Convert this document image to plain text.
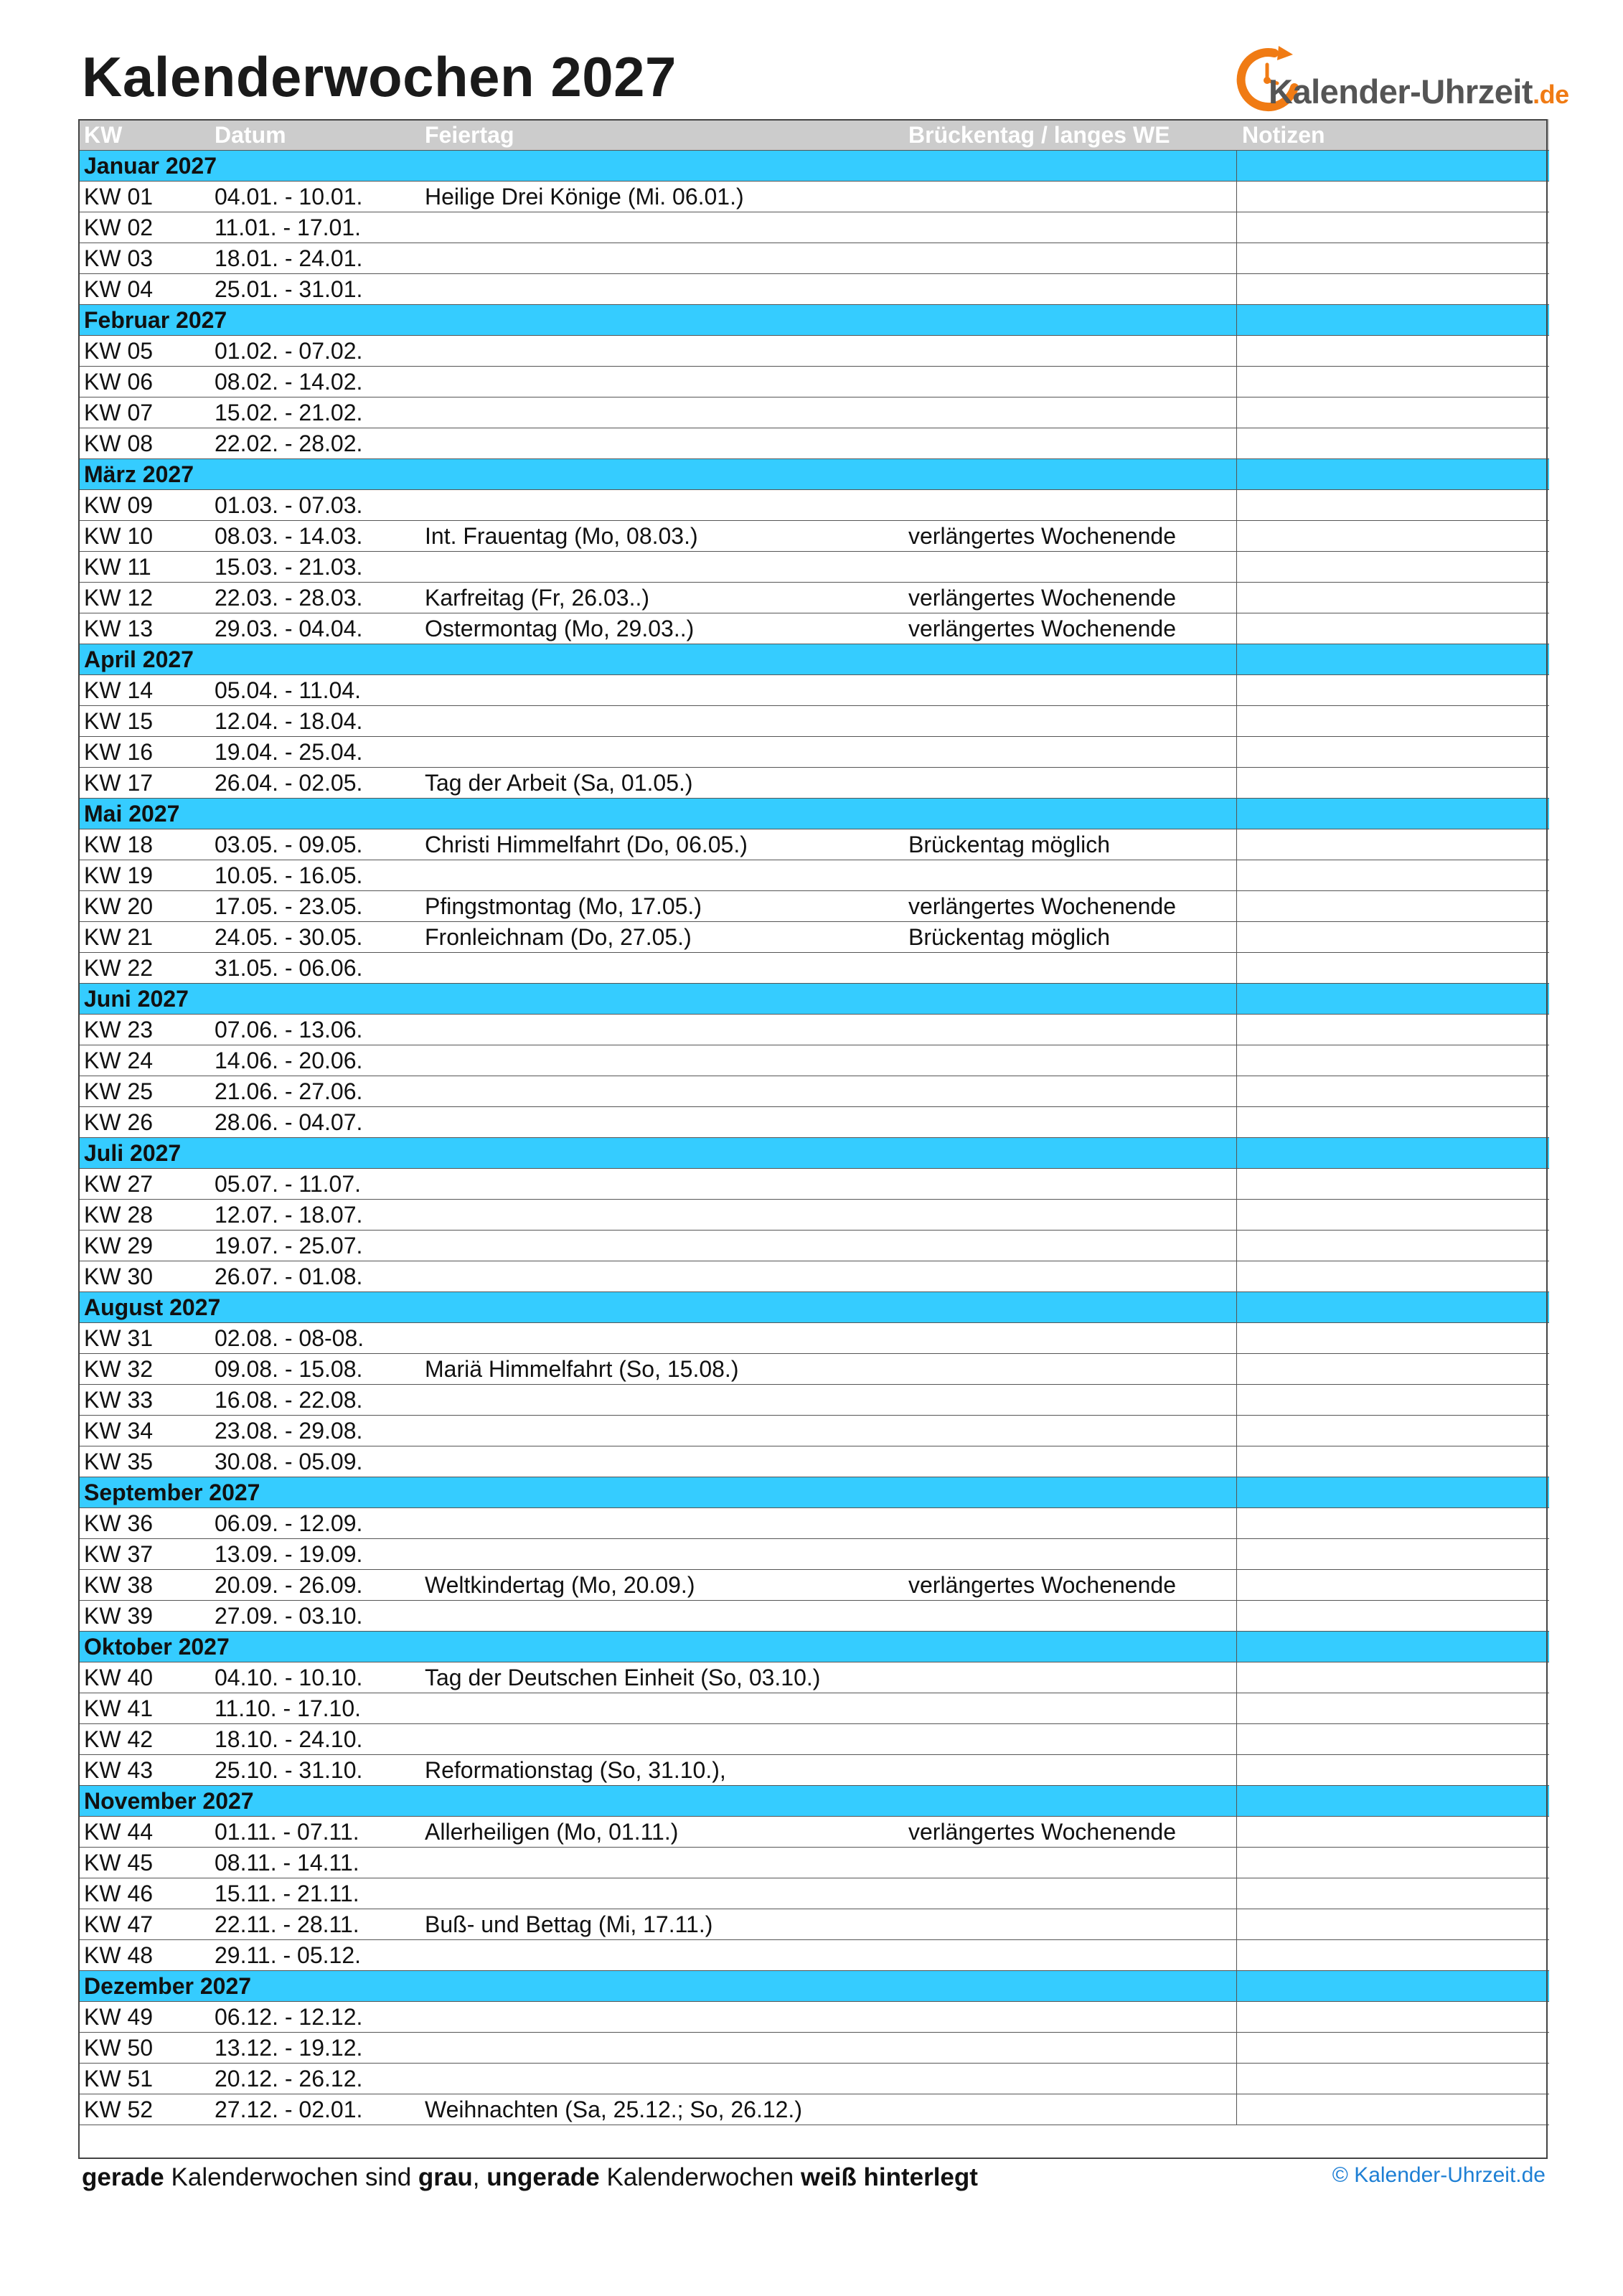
Kalenderwochen 2027	Kalender-Uhrzeit.de
KW	Datum	Feiertag	Brückentag / langes WE	Notizen
Januar 2027				
KW 01	04.01. - 10.01.	Heilige Drei Könige (Mi. 06.01.)		
KW 02	11.01. - 17.01.			
KW 03	18.01. - 24.01.			
KW 04	25.01. - 31.01.			
Februar 2027				
KW 05	01.02. - 07.02.			
KW 06	08.02. - 14.02.			
KW 07	15.02. - 21.02.			
KW 08	22.02. - 28.02.			
März 2027				
KW 09	01.03. - 07.03.			
KW 10	08.03. - 14.03.	Int. Frauentag (Mo, 08.03.)	verlängertes Wochenende	
KW 11	15.03. - 21.03.			
KW 12	22.03. - 28.03.	Karfreitag (Fr, 26.03..)	verlängertes Wochenende	
KW 13	29.03. - 04.04.	Ostermontag (Mo, 29.03..)	verlängertes Wochenende	
April 2027				
KW 14	05.04. - 11.04.			
KW 15	12.04. - 18.04.			
KW 16	19.04. - 25.04.			
KW 17	26.04. - 02.05.	Tag der Arbeit (Sa, 01.05.)		
Mai 2027				
KW 18	03.05. - 09.05.	Christi Himmelfahrt (Do, 06.05.)	Brückentag möglich	
KW 19	10.05. - 16.05.			
KW 20	17.05. - 23.05.	Pfingstmontag (Mo, 17.05.)	verlängertes Wochenende	
KW 21	24.05. - 30.05.	Fronleichnam (Do, 27.05.)	Brückentag möglich	
KW 22	31.05. - 06.06.			
Juni 2027				
KW 23	07.06. - 13.06.			
KW 24	14.06. - 20.06.			
KW 25	21.06. - 27.06.			
KW 26	28.06. - 04.07.			
Juli 2027				
KW 27	05.07. - 11.07.			
KW 28	12.07. - 18.07.			
KW 29	19.07. - 25.07.			
KW 30	26.07. - 01.08.			
August 2027				
KW 31	02.08. - 08-08.			
KW 32	09.08. - 15.08.	Mariä Himmelfahrt (So, 15.08.)		
KW 33	16.08. - 22.08.			
KW 34	23.08. - 29.08.			
KW 35	30.08. - 05.09.			
September 2027				
KW 36	06.09. - 12.09.			
KW 37	13.09. - 19.09.			
KW 38	20.09. - 26.09.	Weltkindertag (Mo, 20.09.)	verlängertes Wochenende	
KW 39	27.09. - 03.10.			
Oktober 2027				
KW 40	04.10. - 10.10.	Tag der Deutschen Einheit (So, 03.10.)		
KW 41	11.10. - 17.10.			
KW 42	18.10. - 24.10.			
KW 43	25.10. - 31.10.	Reformationstag (So, 31.10.),		
November 2027				
KW 44	01.11. - 07.11.	Allerheiligen (Mo, 01.11.)	verlängertes Wochenende	
KW 45	08.11. - 14.11.			
KW 46	15.11. - 21.11.			
KW 47	22.11. - 28.11.	Buß- und Bettag (Mi, 17.11.)		
KW 48	29.11. - 05.12.			
Dezember 2027				
KW 49	06.12. - 12.12.			
KW 50	13.12. - 19.12.			
KW 51	20.12. - 26.12.			
KW 52	27.12. - 02.01.	Weihnachten (Sa, 25.12.; So, 26.12.)		
gerade Kalenderwochen sind grau, ungerade Kalenderwochen weiß hinterlegt	© Kalender-Uhrzeit.de
